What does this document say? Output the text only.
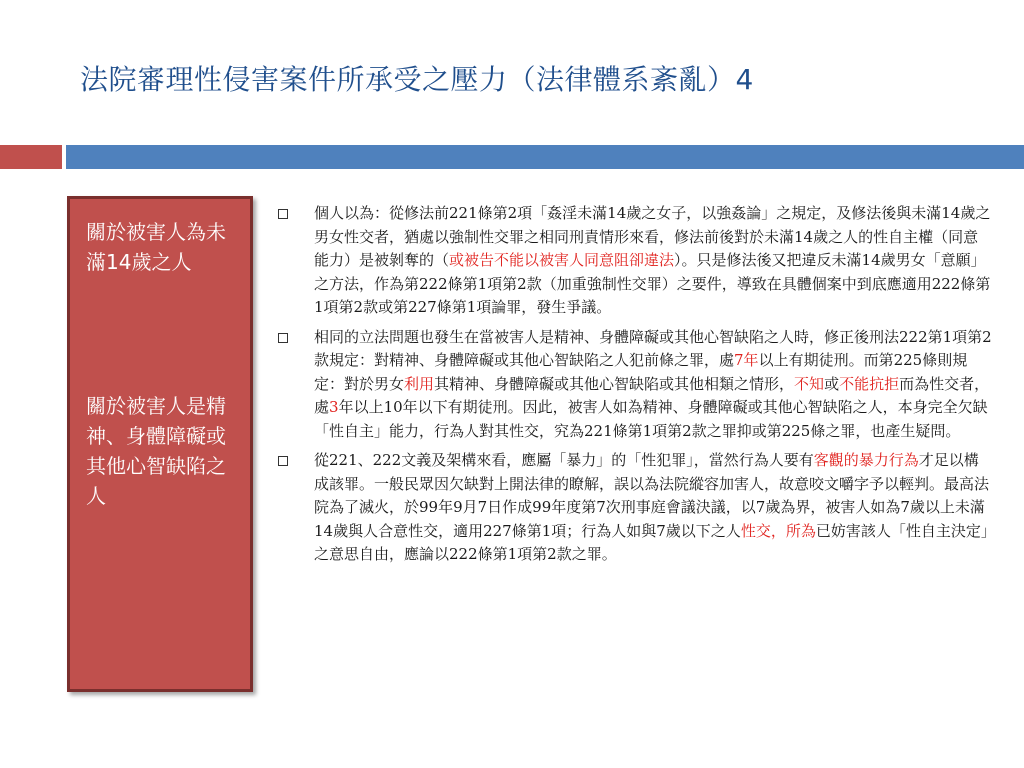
法院審理性侵害案件所承受之壓力（法律體系紊亂）4
關於被害人為未滿14歲之人
關於被害人是精神、身體障礙或其他心智缺陷之人

個人以為：從修法前221條第2項「姦淫未滿14歲之女子，以強姦論」之規定，及修法後與未滿14歲之男女性交者，猶處以強制性交罪之相同刑責情形來看，修法前後對於未滿14歲之人的性自主權（同意能力）是被剝奪的（或被告不能以被害人同意阻卻違法）。只是修法後又把違反未滿14歲男女「意願」之方法，作為第222條第1項第2款（加重強制性交罪）之要件，導致在具體個案中到底應適用222條第1項第2款或第227條第1項論罪，發生爭議。

相同的立法問題也發生在當被害人是精神、身體障礙或其他心智缺陷之人時，修正後刑法222第1項第2款規定：對精神、身體障礙或其他心智缺陷之人犯前條之罪，處7年以上有期徒刑。而第225條則規定：對於男女利用其精神、身體障礙或其他心智缺陷或其他相類之情形，不知或不能抗拒而為性交者，處3年以上10年以下有期徒刑。因此，被害人如為精神、身體障礙或其他心智缺陷之人，本身完全欠缺「性自主」能力，行為人對其性交，究為221條第1項第2款之罪抑或第225條之罪，也產生疑問。

從221、222文義及架構來看，應屬「暴力」的「性犯罪」，當然行為人要有客觀的暴力行為才足以構成該罪。一般民眾因欠缺對上開法律的瞭解，誤以為法院縱容加害人，故意咬文嚼字予以輕判。最高法院為了滅火，於99年9月7日作成99年度第7次刑事庭會議決議，以7歲為界，被害人如為7歲以上未滿14歲與人合意性交，適用227條第1項；行為人如與7歲以下之人性交，所為已妨害該人「性自主決定」之意思自由，應論以222條第1項第2款之罪。
